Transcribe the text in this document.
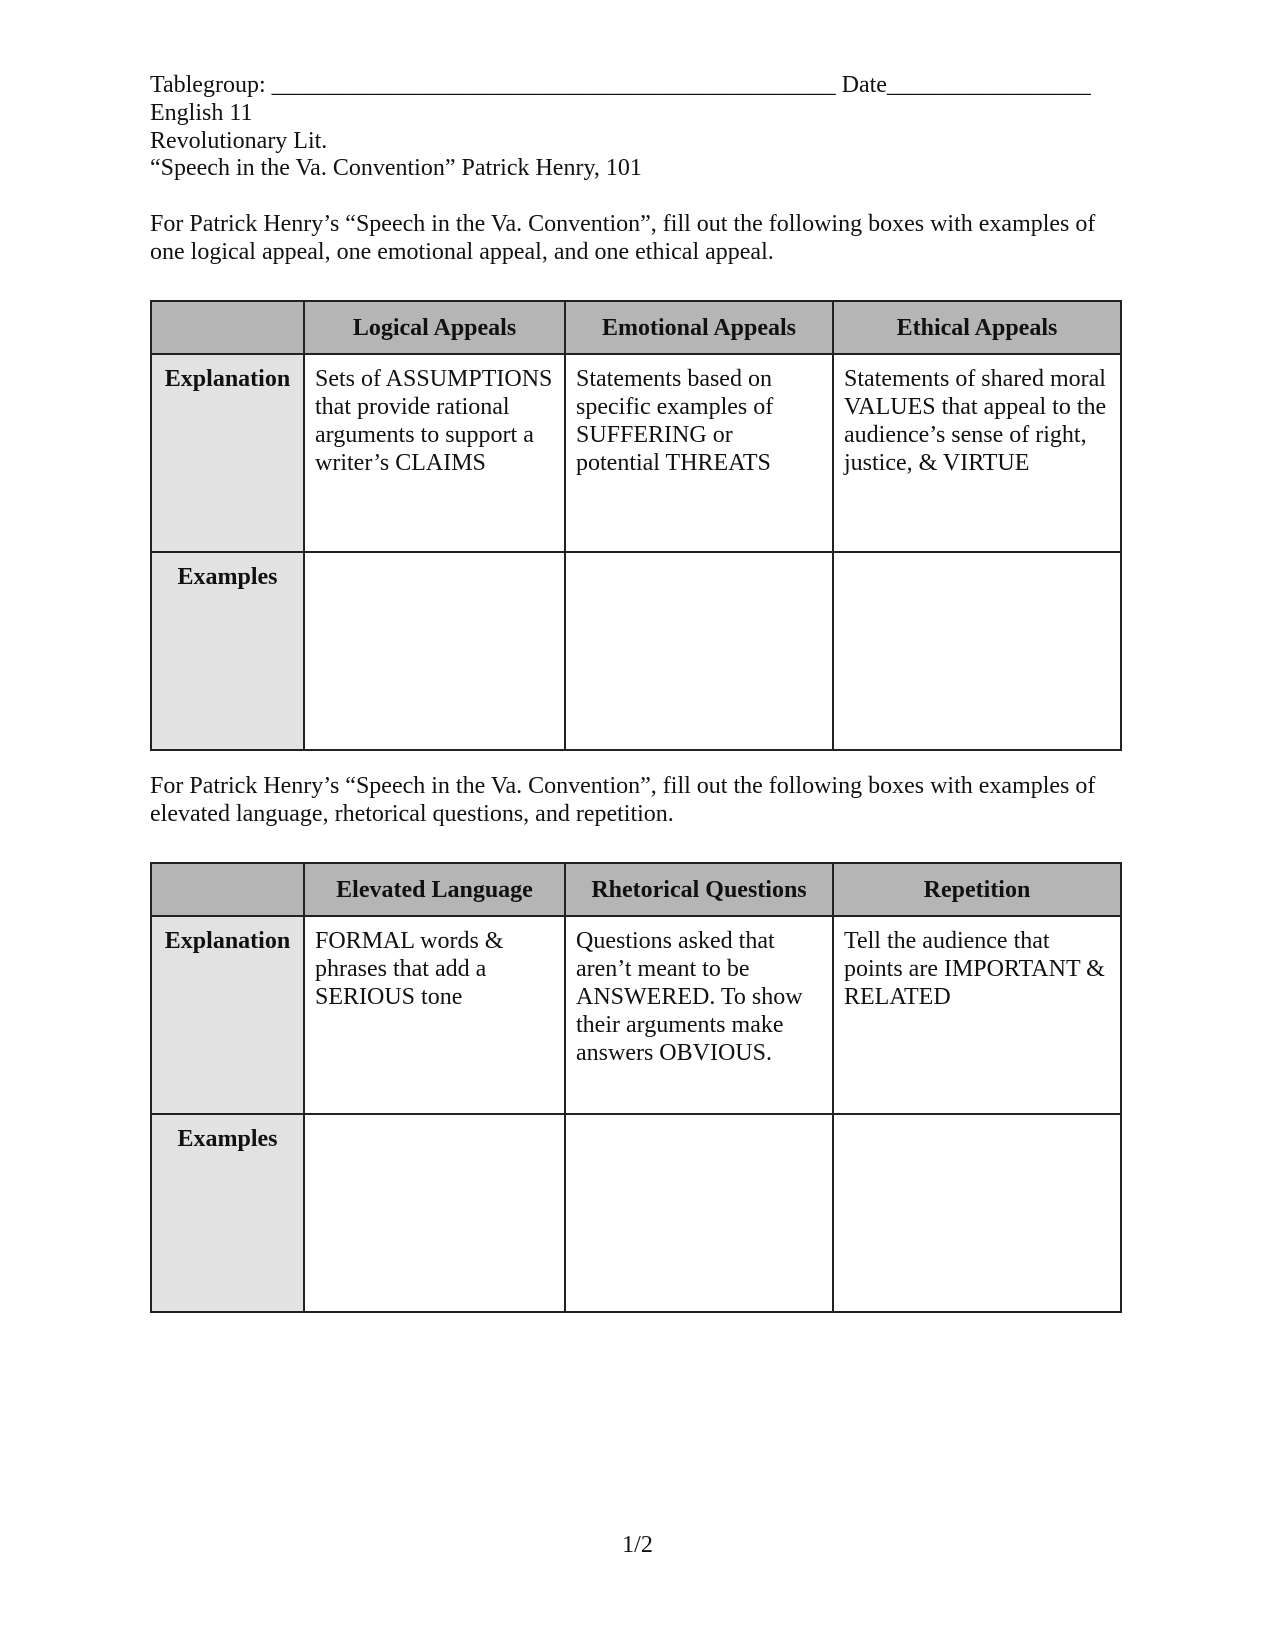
Tablegroup: _______________________________________________ Date_________________
English 11
Revolutionary Lit.
“Speech in the Va. Convention” Patrick Henry, 101
For Patrick Henry’s “Speech in the Va. Convention”, fill out the following boxes with examples of one logical appeal, one emotional appeal, and one ethical appeal.
	Logical Appeals	Emotional Appeals	Ethical Appeals
Explanation	Sets of ASSUMPTIONS that provide rational arguments to support a writer’s CLAIMS	Statements based on specific examples of SUFFERING or potential THREATS	Statements of shared moral VALUES that appeal to the audience’s sense of right, justice, & VIRTUE
Examples			
For Patrick Henry’s “Speech in the Va. Convention”, fill out the following boxes with examples of elevated language, rhetorical questions, and repetition.
	Elevated Language	Rhetorical Questions	Repetition
Explanation	FORMAL words & phrases that add a SERIOUS tone	Questions asked that aren’t meant to be ANSWERED. To show their arguments make answers OBVIOUS.	Tell the audience that points are IMPORTANT & RELATED
Examples			
1/2
